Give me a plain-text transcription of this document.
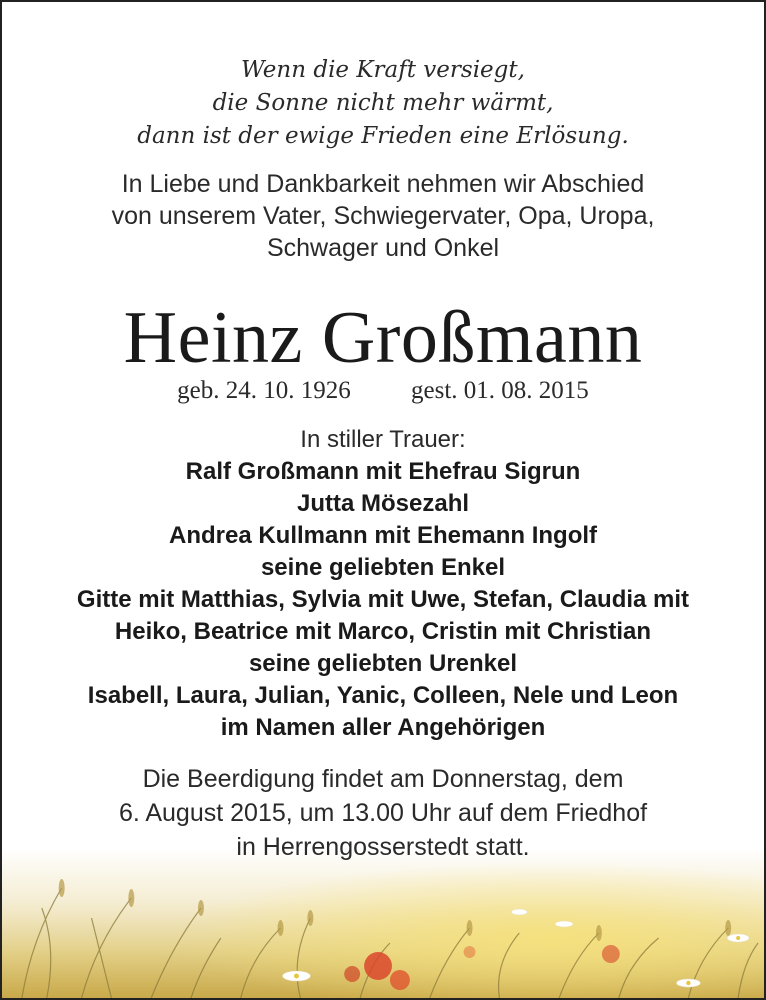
Wenn die Kraft versiegt,
die Sonne nicht mehr wärmt,
dann ist der ewige Frieden eine Erlösung.
In Liebe und Dankbarkeit nehmen wir Abschied
von unserem Vater, Schwiegervater, Opa, Uropa,
Schwager und Onkel
Heinz Großmann
geb. 24. 10. 1926 gest. 01. 08. 2015
In stiller Trauer:
Ralf Großmann mit Ehefrau Sigrun
Jutta Mösezahl
Andrea Kullmann mit Ehemann Ingolf
seine geliebten Enkel
Gitte mit Matthias, Sylvia mit Uwe, Stefan, Claudia mit
Heiko, Beatrice mit Marco, Cristin mit Christian
seine geliebten Urenkel
Isabell, Laura, Julian, Yanic, Colleen, Nele und Leon
im Namen aller Angehörigen
Die Beerdigung findet am Donnerstag, dem
6. August 2015, um 13.00 Uhr auf dem Friedhof
in Herrengosserstedt statt.
